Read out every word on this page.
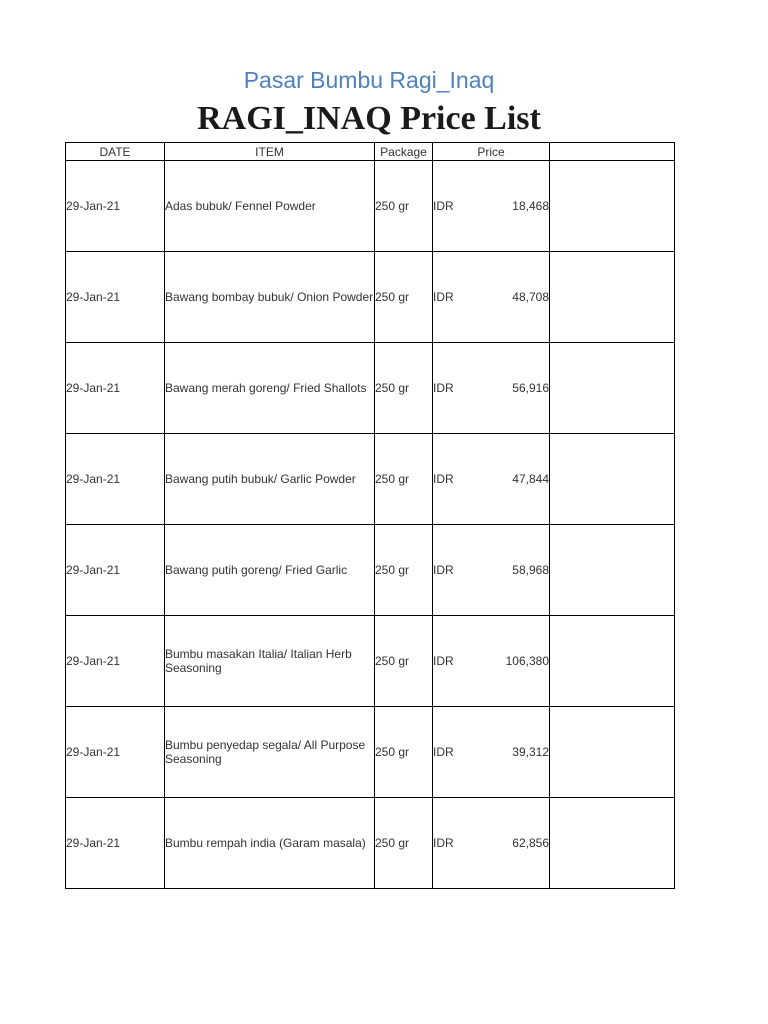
Pasar Bumbu Ragi_Inaq
RAGI_INAQ Price List
DATE	ITEM	Package	Price	
29-Jan-21	Adas bubuk/ Fennel Powder	250 gr	IDR 18,468	

29-Jan-21	Bawang bombay bubuk/ Onion Powder	250 gr	IDR 48,708	

29-Jan-21	Bawang merah goreng/ Fried Shallots	250 gr	IDR 56,916	

29-Jan-21	Bawang putih bubuk/ Garlic Powder	250 gr	IDR 47,844	

29-Jan-21	Bawang putih goreng/ Fried Garlic	250 gr	IDR 58,968	

29-Jan-21	Bumbu masakan Italia/ Italian Herb Seasoning	250 gr	IDR 106,380	

29-Jan-21	Bumbu penyedap segala/ All Purpose Seasoning	250 gr	IDR 39,312	

29-Jan-21	Bumbu rempah india (Garam masala)	250 gr	IDR 62,856	
